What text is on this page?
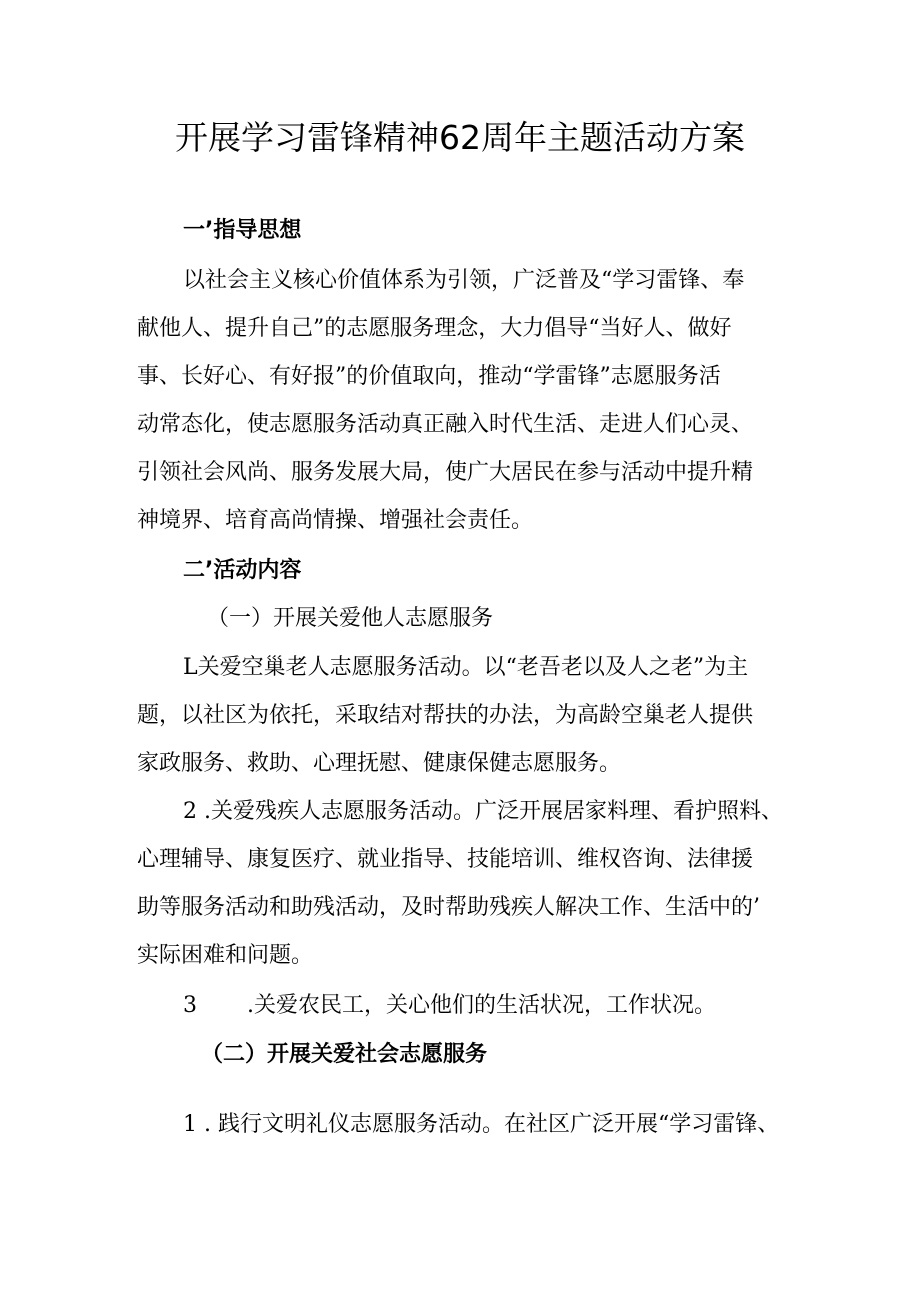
开展学习雷锋精神62周年主题活动方案
一’指导思想
以社会主义核心价值体系为引领，广泛普及“学习雷锋、奉
献他人、提升自己”的志愿服务理念，大力倡导“当好人、做好
事、长好心、有好报”的价值取向，推动“学雷锋”志愿服务活
动常态化，使志愿服务活动真正融入时代生活、走进人们心灵、
引领社会风尚、服务发展大局，使广大居民在参与活动中提升精
神境界、培育高尚情操、增强社会责任。
二’活动内容
（一）开展关爱他人志愿服务
L关爱空巢老人志愿服务活动。以“老吾老以及人之老”为主
题，以社区为依托，采取结对帮扶的办法，为高龄空巢老人提供
家政服务、救助、心理抚慰、健康保健志愿服务。
2 .关爱残疾人志愿服务活动。广泛开展居家料理、看护照料、
心理辅导、康复医疗、就业指导、技能培训、维权咨询、法律援
助等服务活动和助残活动，及时帮助残疾人解决工作、生活中的’
实际困难和问题。
3 .关爱农民工，关心他们的生活状况，工作状况。
（二）开展关爱社会志愿服务
1 . 践行文明礼仪志愿服务活动。在社区广泛开展“学习雷锋、
